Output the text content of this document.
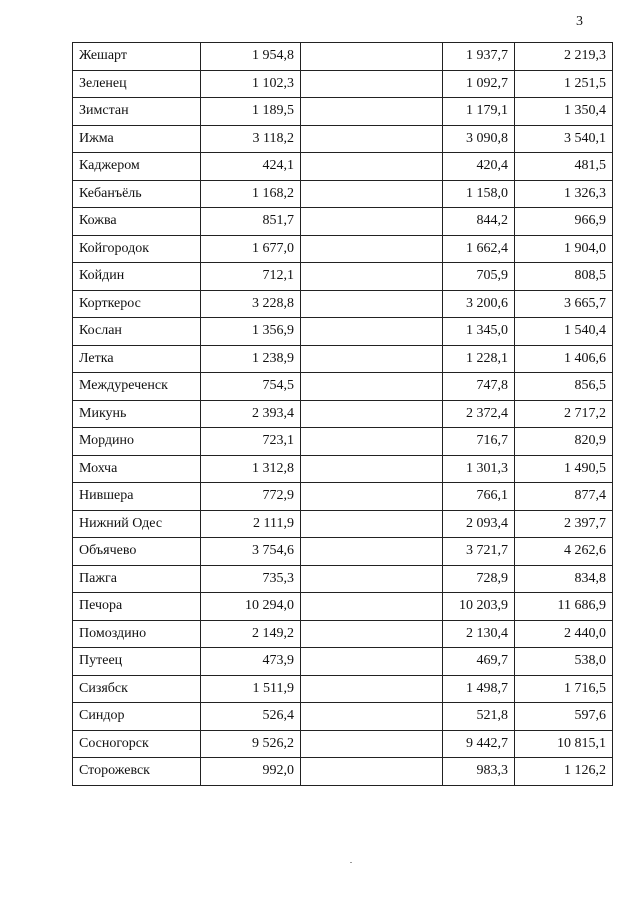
3
Жешарт	1 954,8		1 937,7	2 219,3
Зеленец	1 102,3		1 092,7	1 251,5
Зимстан	1 189,5		1 179,1	1 350,4
Ижма	3 118,2		3 090,8	3 540,1
Каджером	424,1		420,4	481,5
Кебанъёль	1 168,2		1 158,0	1 326,3
Кожва	851,7		844,2	966,9
Койгородок	1 677,0		1 662,4	1 904,0
Койдин	712,1		705,9	808,5
Корткерос	3 228,8		3 200,6	3 665,7
Кослан	1 356,9		1 345,0	1 540,4
Летка	1 238,9		1 228,1	1 406,6
Междуреченск	754,5		747,8	856,5
Микунь	2 393,4		2 372,4	2 717,2
Мордино	723,1		716,7	820,9
Мохча	1 312,8		1 301,3	1 490,5
Нившера	772,9		766,1	877,4
Нижний Одес	2 111,9		2 093,4	2 397,7
Объячево	3 754,6		3 721,7	4 262,6
Пажга	735,3		728,9	834,8
Печора	10 294,0		10 203,9	11 686,9
Помоздино	2 149,2		2 130,4	2 440,0
Путеец	473,9		469,7	538,0
Сизябск	1 511,9		1 498,7	1 716,5
Синдор	526,4		521,8	597,6
Сосногорск	9 526,2		9 442,7	10 815,1
Сторожевск	992,0		983,3	1 126,2
